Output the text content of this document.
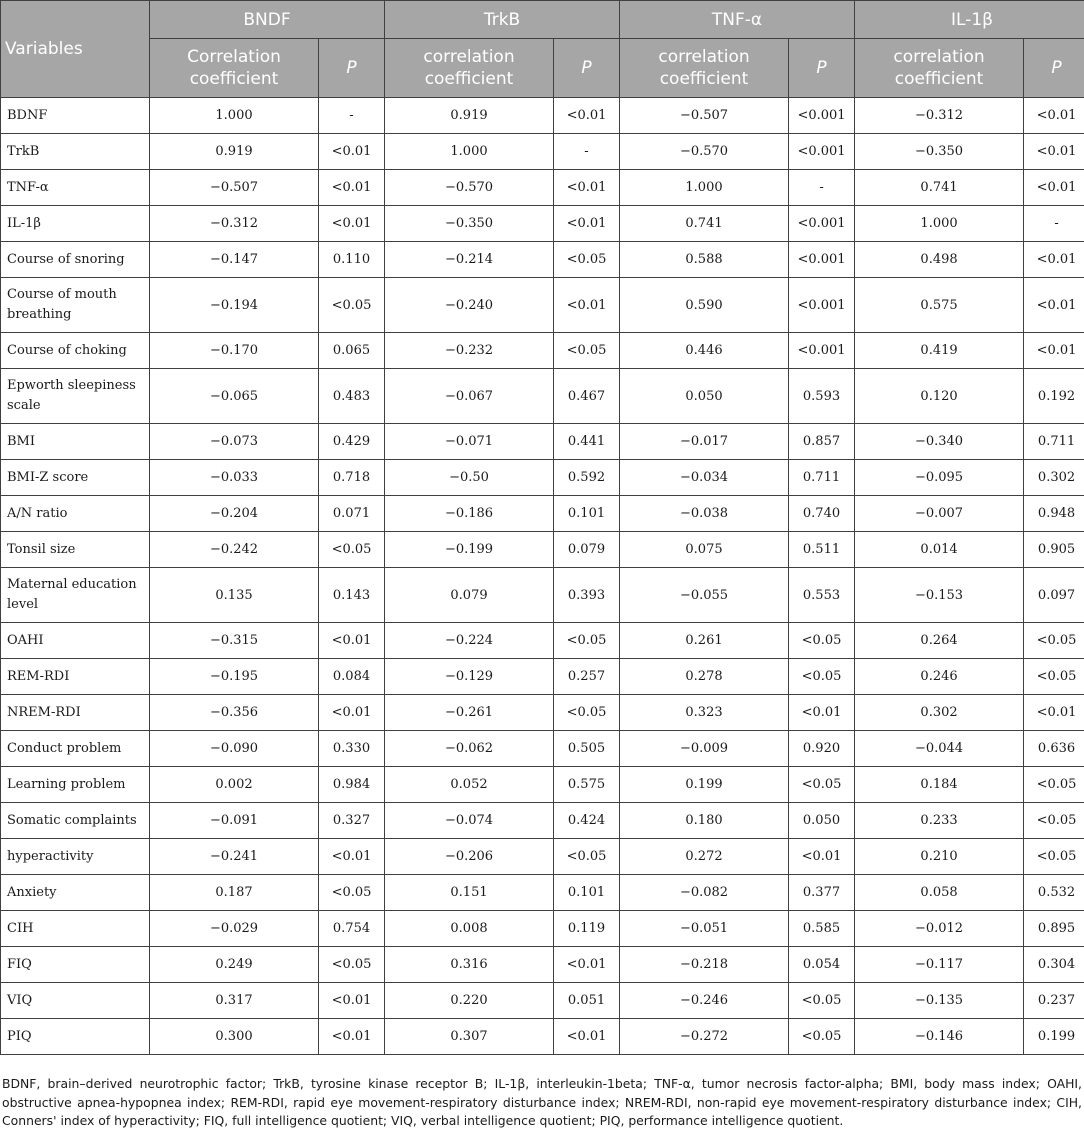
Variables	BNDF		TrkB		TNF-α		IL-1β	
	Correlation coefficient	P	correlation coefficient	P	correlation coefficient	P	correlation coefficient	P
BDNF	1.000	-	0.919	<0.01	−0.507	<0.001	−0.312	<0.01
TrkB	0.919	<0.01	1.000	-	−0.570	<0.001	−0.350	<0.01
TNF-α	−0.507	<0.01	−0.570	<0.01	1.000	-	0.741	<0.01
IL-1β	−0.312	<0.01	−0.350	<0.01	0.741	<0.001	1.000	-
Course of snoring	−0.147	0.110	−0.214	<0.05	0.588	<0.001	0.498	<0.01
Course of mouth breathing	−0.194	<0.05	−0.240	<0.01	0.590	<0.001	0.575	<0.01
Course of choking	−0.170	0.065	−0.232	<0.05	0.446	<0.001	0.419	<0.01
Epworth sleepiness scale	−0.065	0.483	−0.067	0.467	0.050	0.593	0.120	0.192
BMI	−0.073	0.429	−0.071	0.441	−0.017	0.857	−0.340	0.711
BMI-Z score	−0.033	0.718	−0.50	0.592	−0.034	0.711	−0.095	0.302
A/N ratio	−0.204	0.071	−0.186	0.101	−0.038	0.740	−0.007	0.948
Tonsil size	−0.242	<0.05	−0.199	0.079	0.075	0.511	0.014	0.905
Maternal education level	0.135	0.143	0.079	0.393	−0.055	0.553	−0.153	0.097
OAHI	−0.315	<0.01	−0.224	<0.05	0.261	<0.05	0.264	<0.05
REM-RDI	−0.195	0.084	−0.129	0.257	0.278	<0.05	0.246	<0.05
NREM-RDI	−0.356	<0.01	−0.261	<0.05	0.323	<0.01	0.302	<0.01
Conduct problem	−0.090	0.330	−0.062	0.505	−0.009	0.920	−0.044	0.636
Learning problem	0.002	0.984	0.052	0.575	0.199	<0.05	0.184	<0.05
Somatic complaints	−0.091	0.327	−0.074	0.424	0.180	0.050	0.233	<0.05
hyperactivity	−0.241	<0.01	−0.206	<0.05	0.272	<0.01	0.210	<0.05
Anxiety	0.187	<0.05	0.151	0.101	−0.082	0.377	0.058	0.532
CIH	−0.029	0.754	0.008	0.119	−0.051	0.585	−0.012	0.895
FIQ	0.249	<0.05	0.316	<0.01	−0.218	0.054	−0.117	0.304
VIQ	0.317	<0.01	0.220	0.051	−0.246	<0.05	−0.135	0.237
PIQ	0.300	<0.01	0.307	<0.01	−0.272	<0.05	−0.146	0.199
BDNF, brain–derived neurotrophic factor; TrkB, tyrosine kinase receptor B; IL-1β, interleukin-1beta; TNF-α, tumor necrosis factor-alpha; BMI, body mass index; OAHI, obstructive apnea-hypopnea index; REM-RDI, rapid eye movement-respiratory disturbance index; NREM-RDI, non-rapid eye movement-respiratory disturbance index; CIH, Conners' index of hyperactivity; FIQ, full intelligence quotient; VIQ, verbal intelligence quotient; PIQ, performance intelligence quotient.
